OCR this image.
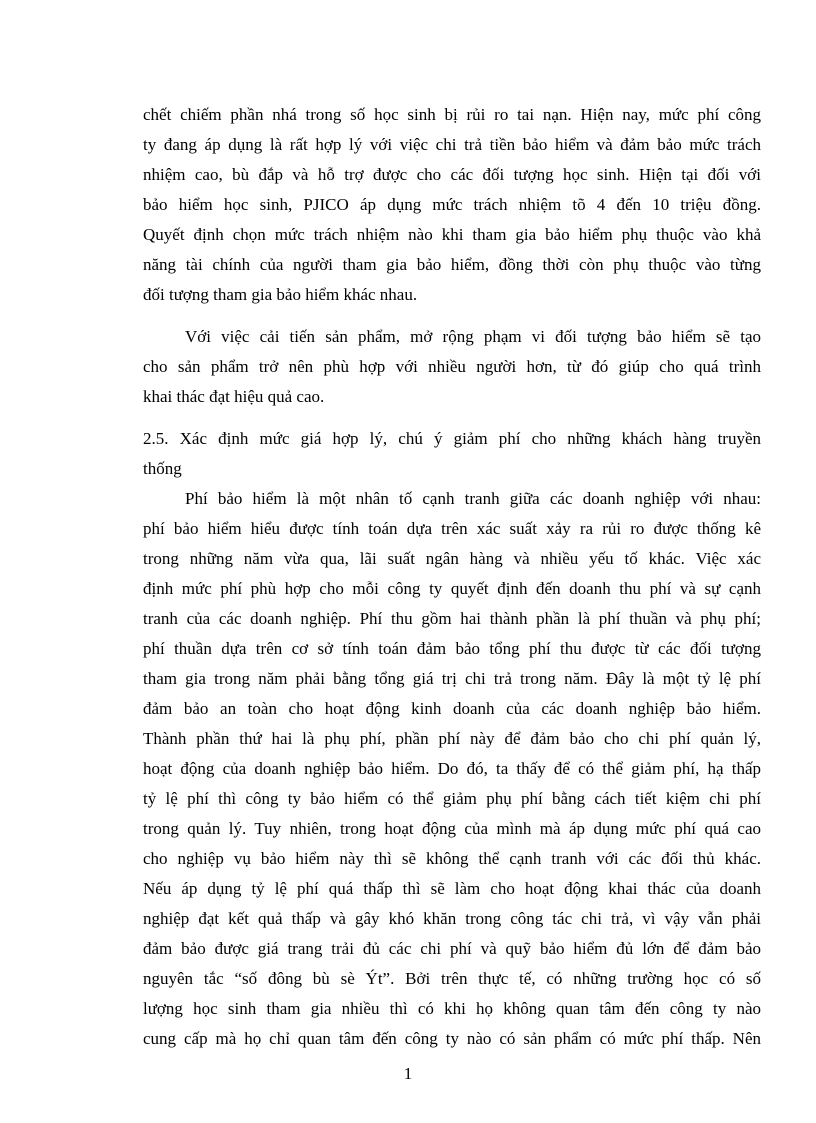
chết chiếm phần nhá trong số học sinh bị rủi ro tai nạn. Hiện nay, mức phí công
ty đang áp dụng là rất hợp lý với việc chi trả tiền bảo hiểm và đảm bảo mức trách
nhiệm cao, bù đắp và hỗ trợ được cho các đối tượng học sinh. Hiện tại đối với
bảo hiểm học sinh, PJICO áp dụng mức trách nhiệm tõ 4 đến 10 triệu đồng.
Quyết định chọn mức trách nhiệm nào khi tham gia bảo hiểm phụ thuộc vào khả
năng tài chính của người tham gia bảo hiểm, đồng thời còn phụ thuộc vào từng
đối tượng tham gia bảo hiểm khác nhau.
Với việc cải tiến sản phẩm, mở rộng phạm vi đối tượng bảo hiểm sẽ tạo
cho sản phẩm trở nên phù hợp với nhiều người hơn, từ đó giúp cho quá trình
khai thác đạt hiệu quả cao.
2.5. Xác định mức giá hợp lý, chú ý giảm phí cho những khách hàng truyền
thống
Phí bảo hiểm là một nhân tố cạnh tranh giữa các doanh nghiệp với nhau:
phí bảo hiểm hiểu được tính toán dựa trên xác suất xảy ra rủi ro được thống kê
trong những năm vừa qua, lãi suất ngân hàng và nhiều yếu tố khác. Việc xác
định mức phí phù hợp cho mỗi công ty quyết định đến doanh thu phí và sự cạnh
tranh của các doanh nghiệp. Phí thu gồm hai thành phần là phí thuần và phụ phí;
phí thuần dựa trên cơ sở tính toán đảm bảo tổng phí thu được từ các đối tượng
tham gia trong năm phải bằng tổng giá trị chi trả trong năm. Đây là một tỷ lệ phí
đảm bảo an toàn cho hoạt động kinh doanh của các doanh nghiệp bảo hiểm.
Thành phần thứ hai là phụ phí, phần phí này để đảm bảo cho chi phí quản lý,
hoạt động của doanh nghiệp bảo hiểm. Do đó, ta thấy để có thể giảm phí, hạ thấp
tỷ lệ phí thì công ty bảo hiểm có thể giảm phụ phí bằng cách tiết kiệm chi phí
trong quản lý. Tuy nhiên, trong hoạt động của mình mà áp dụng mức phí quá cao
cho nghiệp vụ bảo hiểm này thì sẽ không thể cạnh tranh với các đối thủ khác.
Nếu áp dụng tỷ lệ phí quá thấp thì sẽ làm cho hoạt động khai thác của doanh
nghiệp đạt kết quả thấp và gây khó khăn trong công tác chi trả, vì vậy vẫn phải
đảm bảo được giá trang trải đủ các chi phí và quỹ bảo hiểm đủ lớn để đảm bảo
nguyên tắc “số đông bù sè Ýt”. Bởi trên thực tế, có những trường học có số
lượng học sinh tham gia nhiều thì có khi họ không quan tâm đến công ty nào
cung cấp mà họ chỉ quan tâm đến công ty nào có sản phẩm có mức phí thấp. Nên
1
